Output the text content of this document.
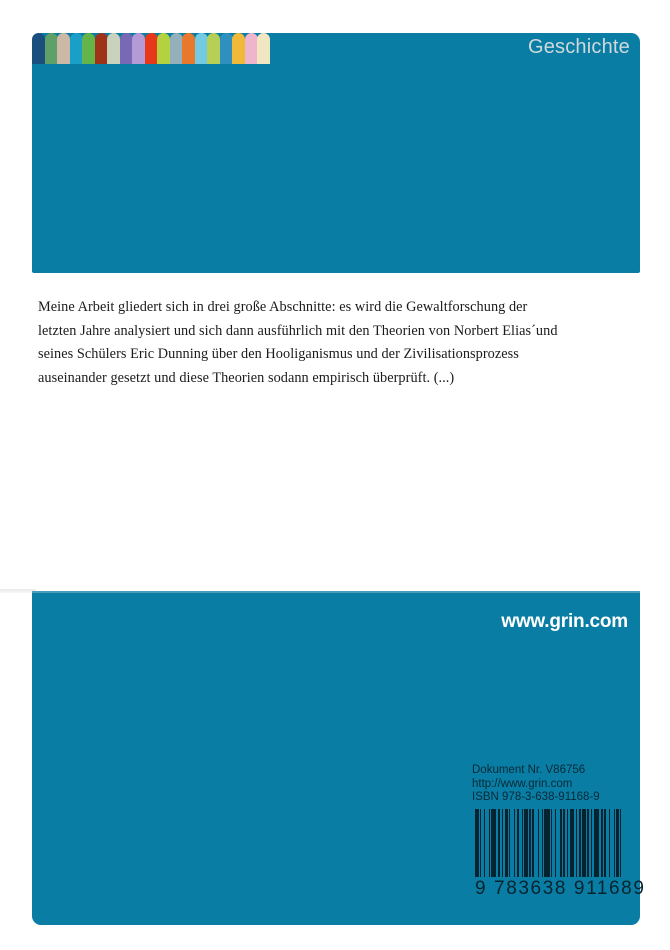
Geschichte

Meine Arbeit gliedert sich in drei große Abschnitte: es wird die Gewaltforschung der letzten Jahre analysiert und sich dann ausführlich mit den Theorien von Norbert Elias´und seines Schülers Eric Dunning über den Hooliganismus und der Zivilisationsprozess auseinander gesetzt und diese Theorien sodann empirisch überprüft. (...)

www.grin.com
Dokument Nr. V86756
http://www.grin.com
ISBN 978-3-638-91168-9
9 783638 911689
